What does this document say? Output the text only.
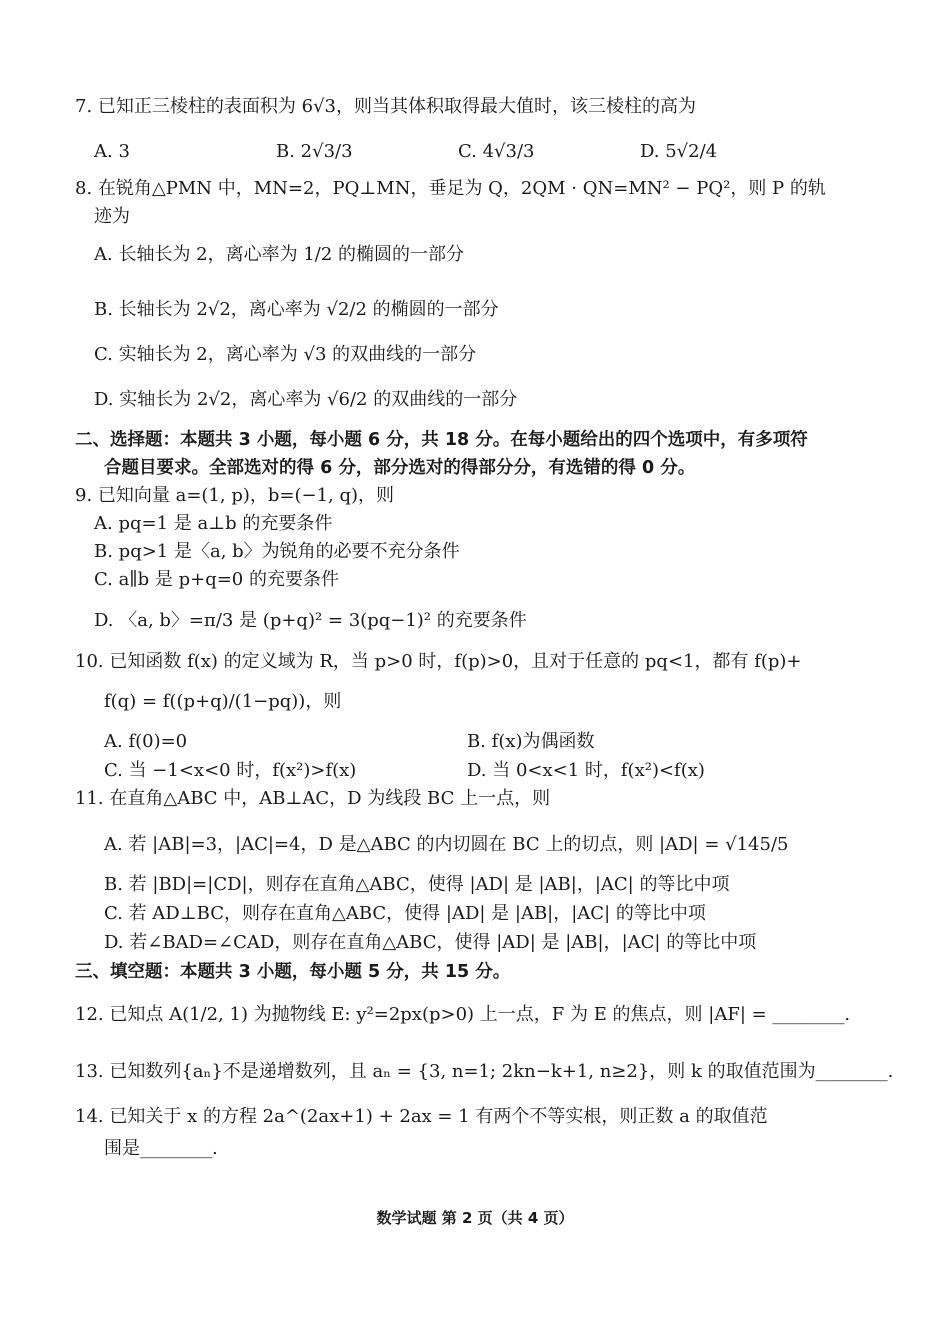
7. 已知正三棱柱的表面积为 6√3，则当其体积取得最大值时，该三棱柱的高为
A. 3	B. 2√3/3	C. 4√3/3	D. 5√2/4
8. 在锐角△PMN 中，MN=2，PQ⊥MN，垂足为 Q，2QM · QN=MN² − PQ²，则 P 的轨
迹为
A. 长轴长为 2，离心率为 1/2 的椭圆的一部分
B. 长轴长为 2√2，离心率为 √2/2 的椭圆的一部分
C. 实轴长为 2，离心率为 √3 的双曲线的一部分
D. 实轴长为 2√2，离心率为 √6/2 的双曲线的一部分
二、选择题：本题共 3 小题，每小题 6 分，共 18 分。在每小题给出的四个选项中，有多项符
合题目要求。全部选对的得 6 分，部分选对的得部分分，有选错的得 0 分。
9. 已知向量 a=(1, p)，b=(−1, q)，则
A. pq=1 是 a⊥b 的充要条件
B. pq>1 是〈a, b〉为锐角的必要不充分条件
C. a∥b 是 p+q=0 的充要条件
D. 〈a, b〉=π/3 是 (p+q)² = 3(pq−1)² 的充要条件
10. 已知函数 f(x) 的定义域为 R，当 p>0 时，f(p)>0，且对于任意的 pq<1，都有 f(p)+
f(q) = f((p+q)/(1−pq))，则
A. f(0)=0	B. f(x)为偶函数
C. 当 −1<x<0 时，f(x²)>f(x)	D. 当 0<x<1 时，f(x²)<f(x)
11. 在直角△ABC 中，AB⊥AC，D 为线段 BC 上一点，则
A. 若 |AB|=3，|AC|=4，D 是△ABC 的内切圆在 BC 上的切点，则 |AD| = √145/5
B. 若 |BD|=|CD|，则存在直角△ABC，使得 |AD| 是 |AB|，|AC| 的等比中项
C. 若 AD⊥BC，则存在直角△ABC，使得 |AD| 是 |AB|，|AC| 的等比中项
D. 若∠BAD=∠CAD，则存在直角△ABC，使得 |AD| 是 |AB|，|AC| 的等比中项
三、填空题：本题共 3 小题，每小题 5 分，共 15 分。
12. 已知点 A(1/2, 1) 为抛物线 E: y²=2px(p>0) 上一点，F 为 E 的焦点，则 |AF| = ________.
13. 已知数列{aₙ}不是递增数列，且 aₙ = {3, n=1; 2kn−k+1, n≥2}，则 k 的取值范围为________.
14. 已知关于 x 的方程 2a^(2ax+1) + 2ax = 1 有两个不等实根，则正数 a 的取值范
围是________.
数学试题 第 2 页（共 4 页）
